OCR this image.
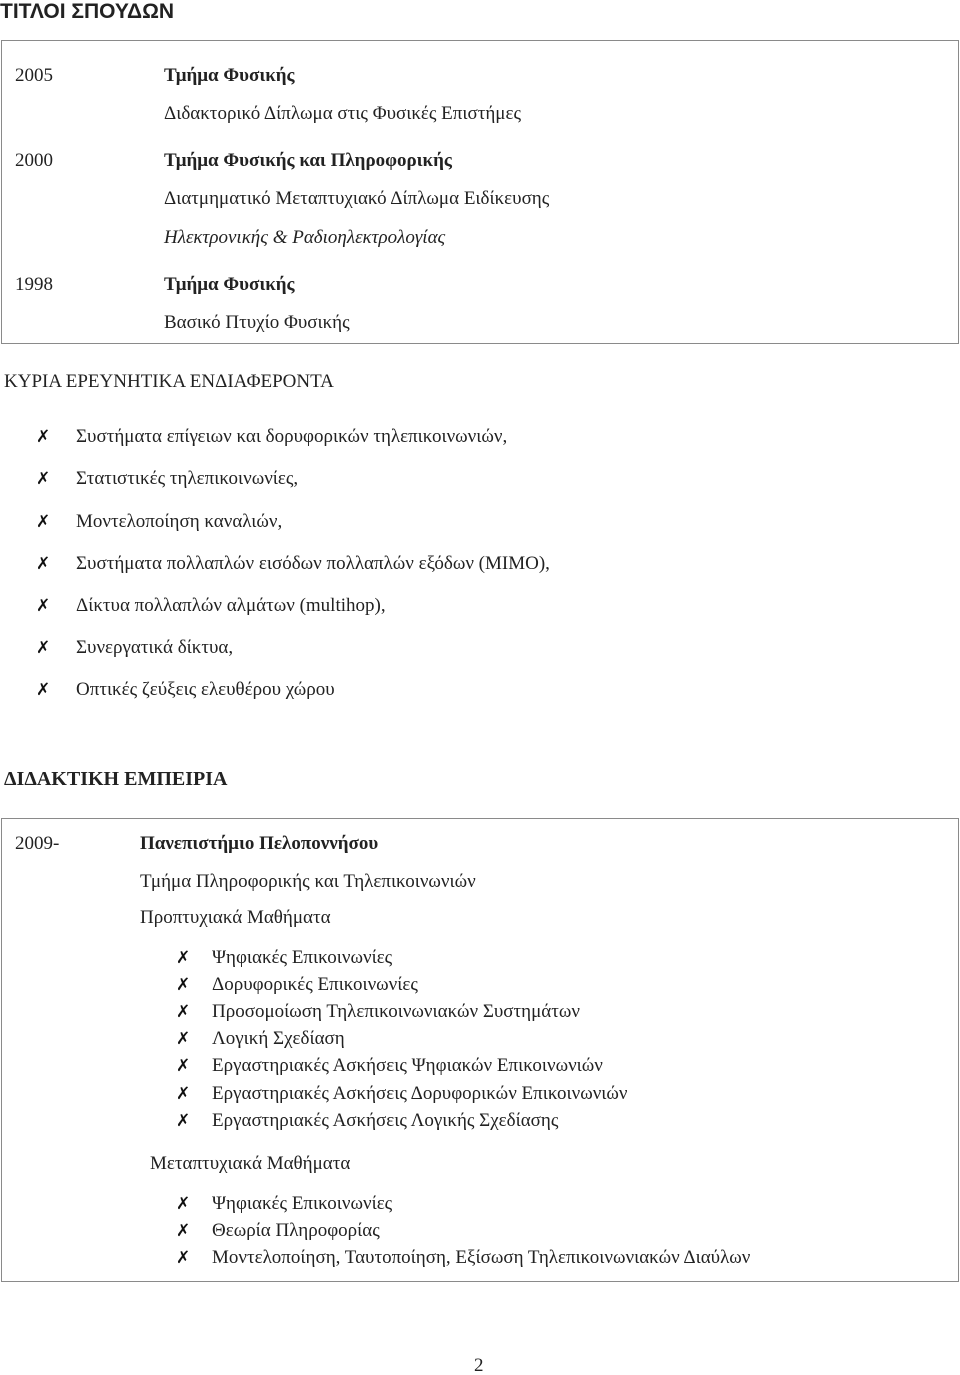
ΤΙΤΛΟΙ ΣΠΟΥΔΩΝ
2005	Τμήμα Φυσικής
Διδακτορικό Δίπλωμα στις Φυσικές Επιστήμες
2000	Τμήμα Φυσικής και Πληροφορικής
Διατμηματικό Μεταπτυχιακό Δίπλωμα Ειδίκευσης
Ηλεκτρονικής & Ραδιοηλεκτρολογίας
1998	Τμήμα Φυσικής
Βασικό Πτυχίο Φυσικής
ΚΥΡΙΑ ΕΡΕΥΝΗΤΙΚΑ ΕΝΔΙΑΦΕΡΟΝΤΑ
✗ Συστήματα επίγειων και δορυφορικών τηλεπικοινωνιών,
✗ Στατιστικές τηλεπικοινωνίες,
✗ Μοντελοποίηση καναλιών,
✗ Συστήματα πολλαπλών εισόδων πολλαπλών εξόδων (MIMO),
✗ Δίκτυα πολλαπλών αλμάτων (multihop),
✗ Συνεργατικά δίκτυα,
✗ Οπτικές ζεύξεις ελευθέρου χώρου
ΔΙΔΑΚΤΙΚΗ ΕΜΠΕΙΡΙΑ
2009-	Πανεπιστήμιο Πελοποννήσου
Τμήμα Πληροφορικής και Τηλεπικοινωνιών
Προπτυχιακά Μαθήματα
✗ Ψηφιακές Επικοινωνίες
✗ Δορυφορικές Επικοινωνίες
✗ Προσομοίωση Τηλεπικοινωνιακών Συστημάτων
✗ Λογική Σχεδίαση
✗ Εργαστηριακές Ασκήσεις Ψηφιακών Επικοινωνιών
✗ Εργαστηριακές Ασκήσεις Δορυφορικών Επικοινωνιών
✗ Εργαστηριακές Ασκήσεις Λογικής Σχεδίασης
Μεταπτυχιακά Μαθήματα
✗ Ψηφιακές Επικοινωνίες
✗ Θεωρία Πληροφορίας
✗ Μοντελοποίηση, Ταυτοποίηση, Εξίσωση Τηλεπικοινωνιακών Διαύλων
2
